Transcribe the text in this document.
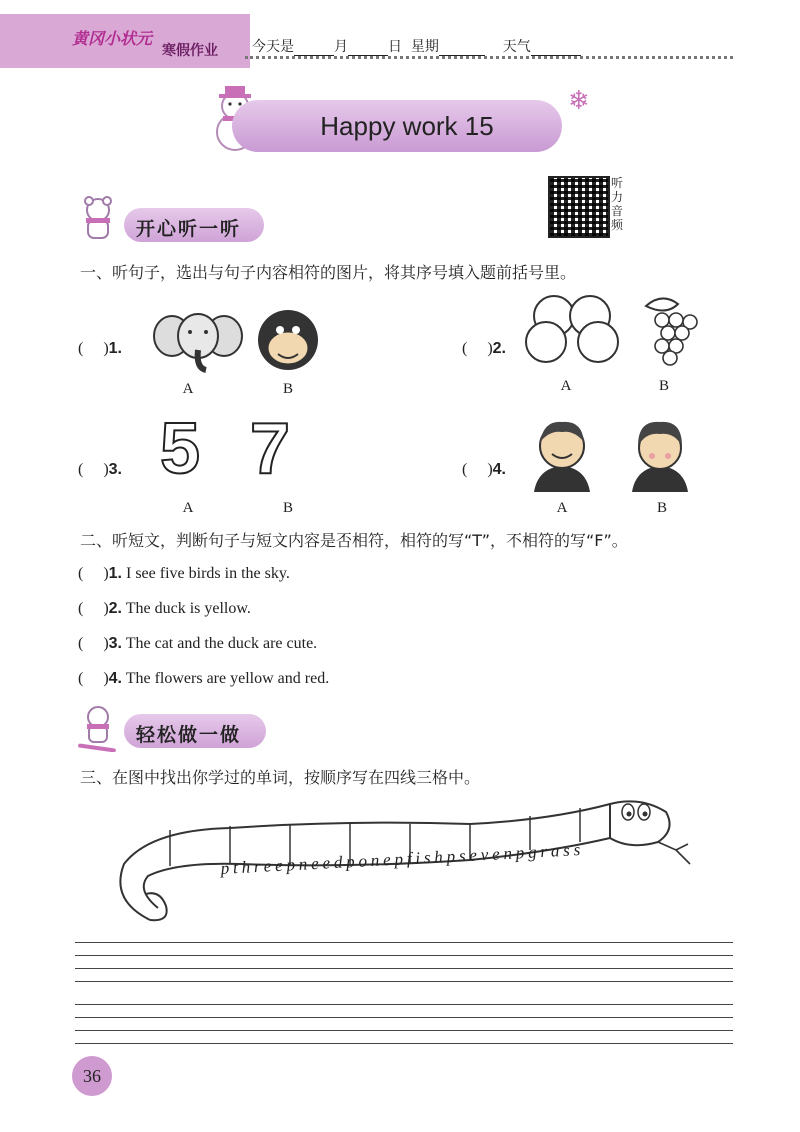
黄冈小状元
寒假作业 今天是	月	日 星期	天气
Happy work 15
❄
听力音频
开心听一听
一、听句子，选出与句子内容相符的图片，将其序号填入题前括号里。
(     )1.
A	B
(     )2.
A	B
(     )3. 5 7
A	B
(     )4.
A	B
二、听短文，判断句子与短文内容是否相符，相符的写“T”，不相符的写“F”。
(     )1. I see five birds in the sky.
(     )2. The duck is yellow.
(     )3. The cat and the duck are cute.
(     )4. The flowers are yellow and red.
轻松做一做
三、在图中找出你学过的单词，按顺序写在四线三格中。
pthreepneedponepfishpsevenpgrass
36
